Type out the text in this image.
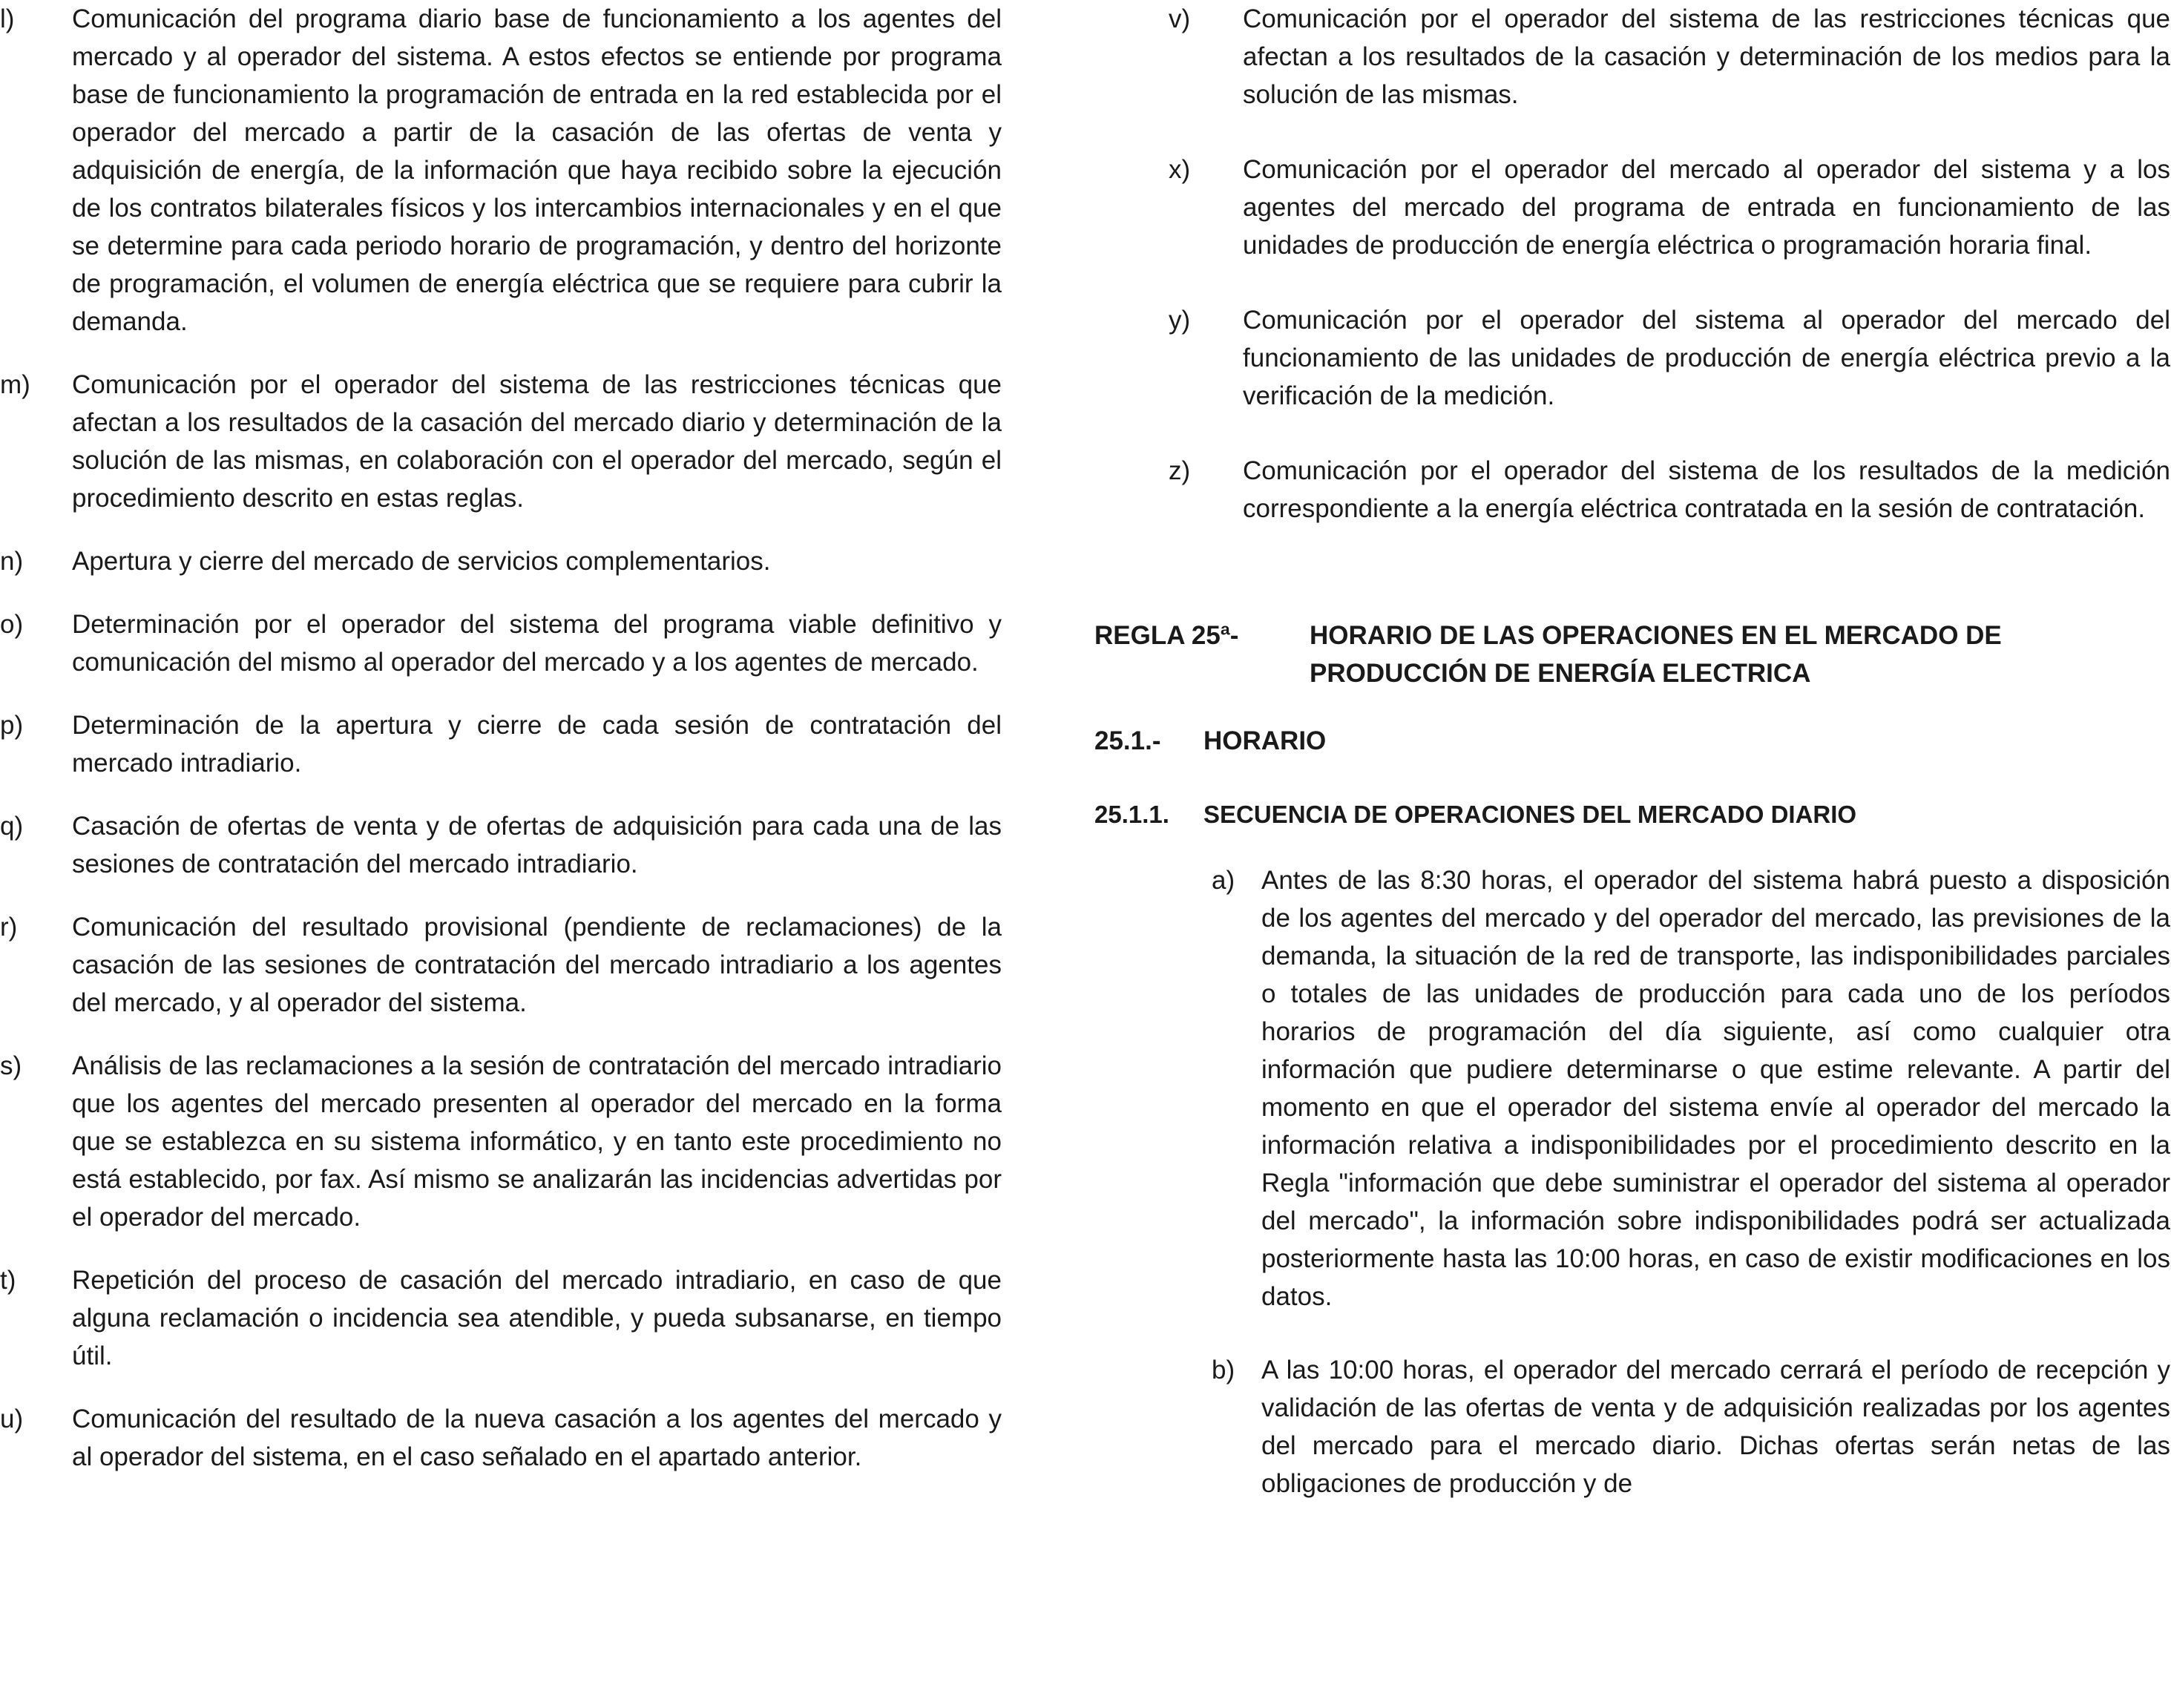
l) Comunicación del programa diario base de funcionamiento a los agentes del mercado y al operador del sistema. A estos efectos se entiende por programa base de funcionamiento la programación de entrada en la red establecida por el operador del mercado a partir de la casación de las ofertas de venta y adquisición de energía, de la información que haya recibido sobre la ejecución de los contratos bilaterales físicos y los intercambios internacionales y en el que se determine para cada periodo horario de programación, y dentro del horizonte de programación, el volumen de energía eléctrica que se requiere para cubrir la demanda.
m) Comunicación por el operador del sistema de las restricciones técnicas que afectan a los resultados de la casación del mercado diario y determinación de la solución de las mismas, en colaboración con el operador del mercado, según el procedimiento descrito en estas reglas.
n) Apertura y cierre del mercado de servicios complementarios.
o) Determinación por el operador del sistema del programa viable definitivo y comunicación del mismo al operador del mercado y a los agentes de mercado.
p) Determinación de la apertura y cierre de cada sesión de contratación del mercado intradiario.
q) Casación de ofertas de venta y de ofertas de adquisición para cada una de las sesiones de contratación del mercado intradiario.
r) Comunicación del resultado provisional (pendiente de reclamaciones) de la casación de las sesiones de contratación del mercado intradiario a los agentes del mercado, y al operador del sistema.
s) Análisis de las reclamaciones a la sesión de contratación del mercado intradiario que los agentes del mercado presenten al operador del mercado en la forma que se establezca en su sistema informático, y en tanto este procedimiento no está establecido, por fax. Así mismo se analizarán las incidencias advertidas por el operador del mercado.
t) Repetición del proceso de casación del mercado intradiario, en caso de que alguna reclamación o incidencia sea atendible, y pueda subsanarse, en tiempo útil.
u) Comunicación del resultado de la nueva casación a los agentes del mercado y al operador del sistema, en el caso señalado en el apartado anterior.
v) Comunicación por el operador del sistema de las restricciones técnicas que afectan a los resultados de la casación y determinación de los medios para la solución de las mismas.
x) Comunicación por el operador del mercado al operador del sistema y a los agentes del mercado del programa de entrada en funcionamiento de las unidades de producción de energía eléctrica o programación horaria final.
y) Comunicación por el operador del sistema al operador del mercado del funcionamiento de las unidades de producción de energía eléctrica previo a la verificación de la medición.
z) Comunicación por el operador del sistema de los resultados de la medición correspondiente a la energía eléctrica contratada en la sesión de contratación.
REGLA 25ª-	HORARIO DE LAS OPERACIONES EN EL MERCADO DE PRODUCCIÓN DE ENERGÍA ELECTRICA
25.1.- HORARIO
25.1.1. SECUENCIA DE OPERACIONES DEL MERCADO DIARIO
a) Antes de las 8:30 horas, el operador del sistema habrá puesto a disposición de los agentes del mercado y del operador del mercado, las previsiones de la demanda, la situación de la red de transporte, las indisponibilidades parciales o totales de las unidades de producción para cada uno de los períodos horarios de programación del día siguiente, así como cualquier otra información que pudiere determinarse o que estime relevante. A partir del momento en que el operador del sistema envíe al operador del mercado la información relativa a indisponibilidades por el procedimiento descrito en la Regla "información que debe suministrar el operador del sistema al operador del mercado", la información sobre indisponibilidades podrá ser actualizada posteriormente hasta las 10:00 horas, en caso de existir modificaciones en los datos.
b) A las 10:00 horas, el operador del mercado cerrará el período de recepción y validación de las ofertas de venta y de adquisición realizadas por los agentes del mercado para el mercado diario. Dichas ofertas serán netas de las obligaciones de producción y de
